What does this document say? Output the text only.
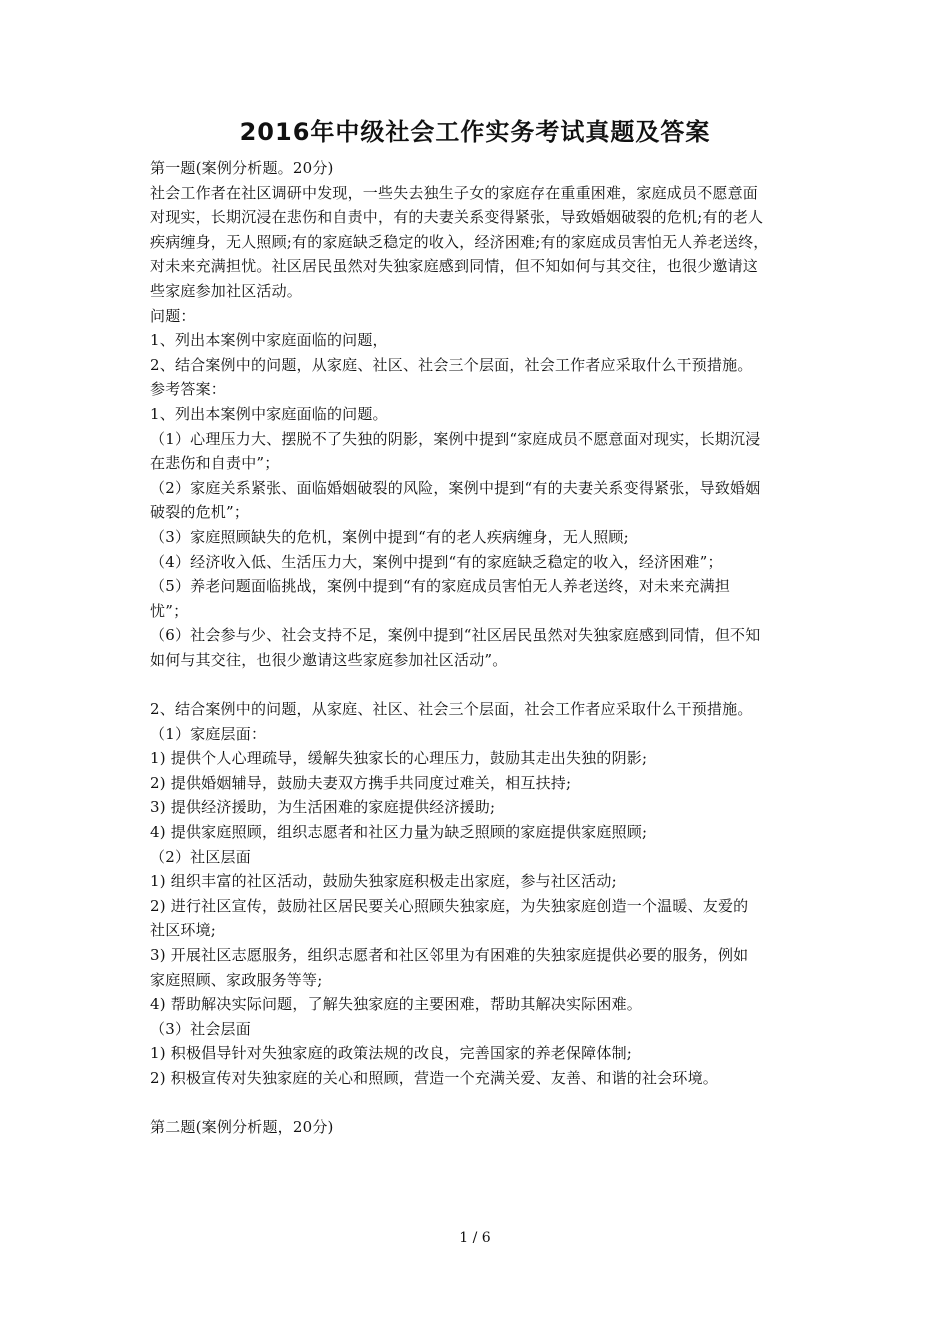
2016年中级社会工作实务考试真题及答案
第一题(案例分析题。20分)
社会工作者在社区调研中发现，一些失去独生子女的家庭存在重重困难，家庭成员不愿意面
对现实，长期沉浸在悲伤和自责中，有的夫妻关系变得紧张，导致婚姻破裂的危机;有的老人
疾病缠身，无人照顾;有的家庭缺乏稳定的收入，经济困难;有的家庭成员害怕无人养老送终，
对未来充满担忧。社区居民虽然对失独家庭感到同情，但不知如何与其交往，也很少邀请这
些家庭参加社区活动。
问题：
1、列出本案例中家庭面临的问题，
2、结合案例中的问题，从家庭、社区、社会三个层面，社会工作者应采取什么干预措施。
参考答案：
1、列出本案例中家庭面临的问题。
（1）心理压力大、摆脱不了失独的阴影，案例中提到“家庭成员不愿意面对现实，长期沉浸
在悲伤和自责中”；
（2）家庭关系紧张、面临婚姻破裂的风险，案例中提到“有的夫妻关系变得紧张，导致婚姻
破裂的危机”；
（3）家庭照顾缺失的危机，案例中提到“有的老人疾病缠身，无人照顾;
（4）经济收入低、生活压力大，案例中提到“有的家庭缺乏稳定的收入，经济困难”；
（5）养老问题面临挑战，案例中提到“有的家庭成员害怕无人养老送终，对未来充满担
忧”；
（6）社会参与少、社会支持不足，案例中提到“社区居民虽然对失独家庭感到同情，但不知
如何与其交往，也很少邀请这些家庭参加社区活动”。
2、结合案例中的问题，从家庭、社区、社会三个层面，社会工作者应采取什么干预措施。
（1）家庭层面：
1) 提供个人心理疏导，缓解失独家长的心理压力，鼓励其走出失独的阴影;
2) 提供婚姻辅导，鼓励夫妻双方携手共同度过难关，相互扶持;
3) 提供经济援助，为生活困难的家庭提供经济援助;
4) 提供家庭照顾，组织志愿者和社区力量为缺乏照顾的家庭提供家庭照顾;
（2）社区层面
1) 组织丰富的社区活动，鼓励失独家庭积极走出家庭，参与社区活动;
2) 进行社区宣传，鼓励社区居民要关心照顾失独家庭，为失独家庭创造一个温暖、友爱的
社区环境;
3) 开展社区志愿服务，组织志愿者和社区邻里为有困难的失独家庭提供必要的服务，例如
家庭照顾、家政服务等等;
4) 帮助解决实际问题，了解失独家庭的主要困难，帮助其解决实际困难。
（3）社会层面
1) 积极倡导针对失独家庭的政策法规的改良，完善国家的养老保障体制;
2) 积极宣传对失独家庭的关心和照顾，营造一个充满关爱、友善、和谐的社会环境。
第二题(案例分析题，20分)
1 / 6
